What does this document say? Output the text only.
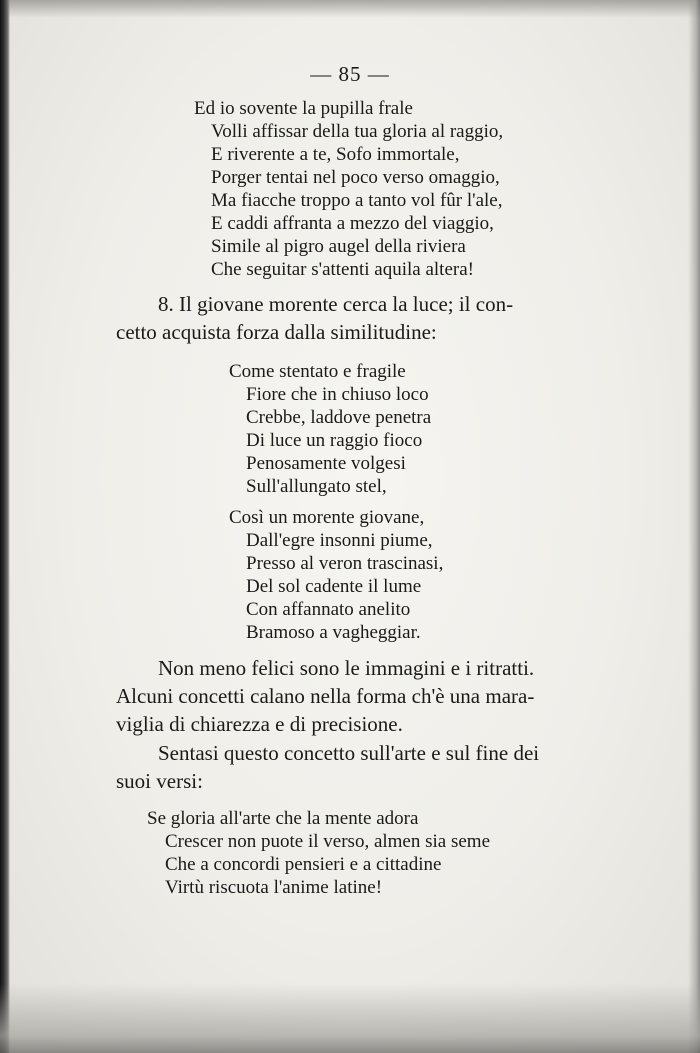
— 85 —
Ed io sovente la pupilla frale
Volli affissar della tua gloria al raggio,
E riverente a te, Sofo immortale,
Porger tentai nel poco verso omaggio,
Ma fiacche troppo a tanto vol fûr l'ale,
E caddi affranta a mezzo del viaggio,
Simile al pigro augel della riviera
Che seguitar s'attenti aquila altera!
8. Il giovane morente cerca la luce; il con-
cetto acquista forza dalla similitudine:
Come stentato e fragile
Fiore che in chiuso loco
Crebbe, laddove penetra
Di luce un raggio fioco
Penosamente volgesi
Sull'allungato stel,
Così un morente giovane,
Dall'egre insonni piume,
Presso al veron trascinasi,
Del sol cadente il lume
Con affannato anelito
Bramoso a vagheggiar.
Non meno felici sono le immagini e i ritratti.
Alcuni concetti calano nella forma ch'è una mara-
viglia di chiarezza e di precisione.
Sentasi questo concetto sull'arte e sul fine dei
suoi versi:
Se gloria all'arte che la mente adora
Crescer non puote il verso, almen sia seme
Che a concordi pensieri e a cittadine
Virtù riscuota l'anime latine!
